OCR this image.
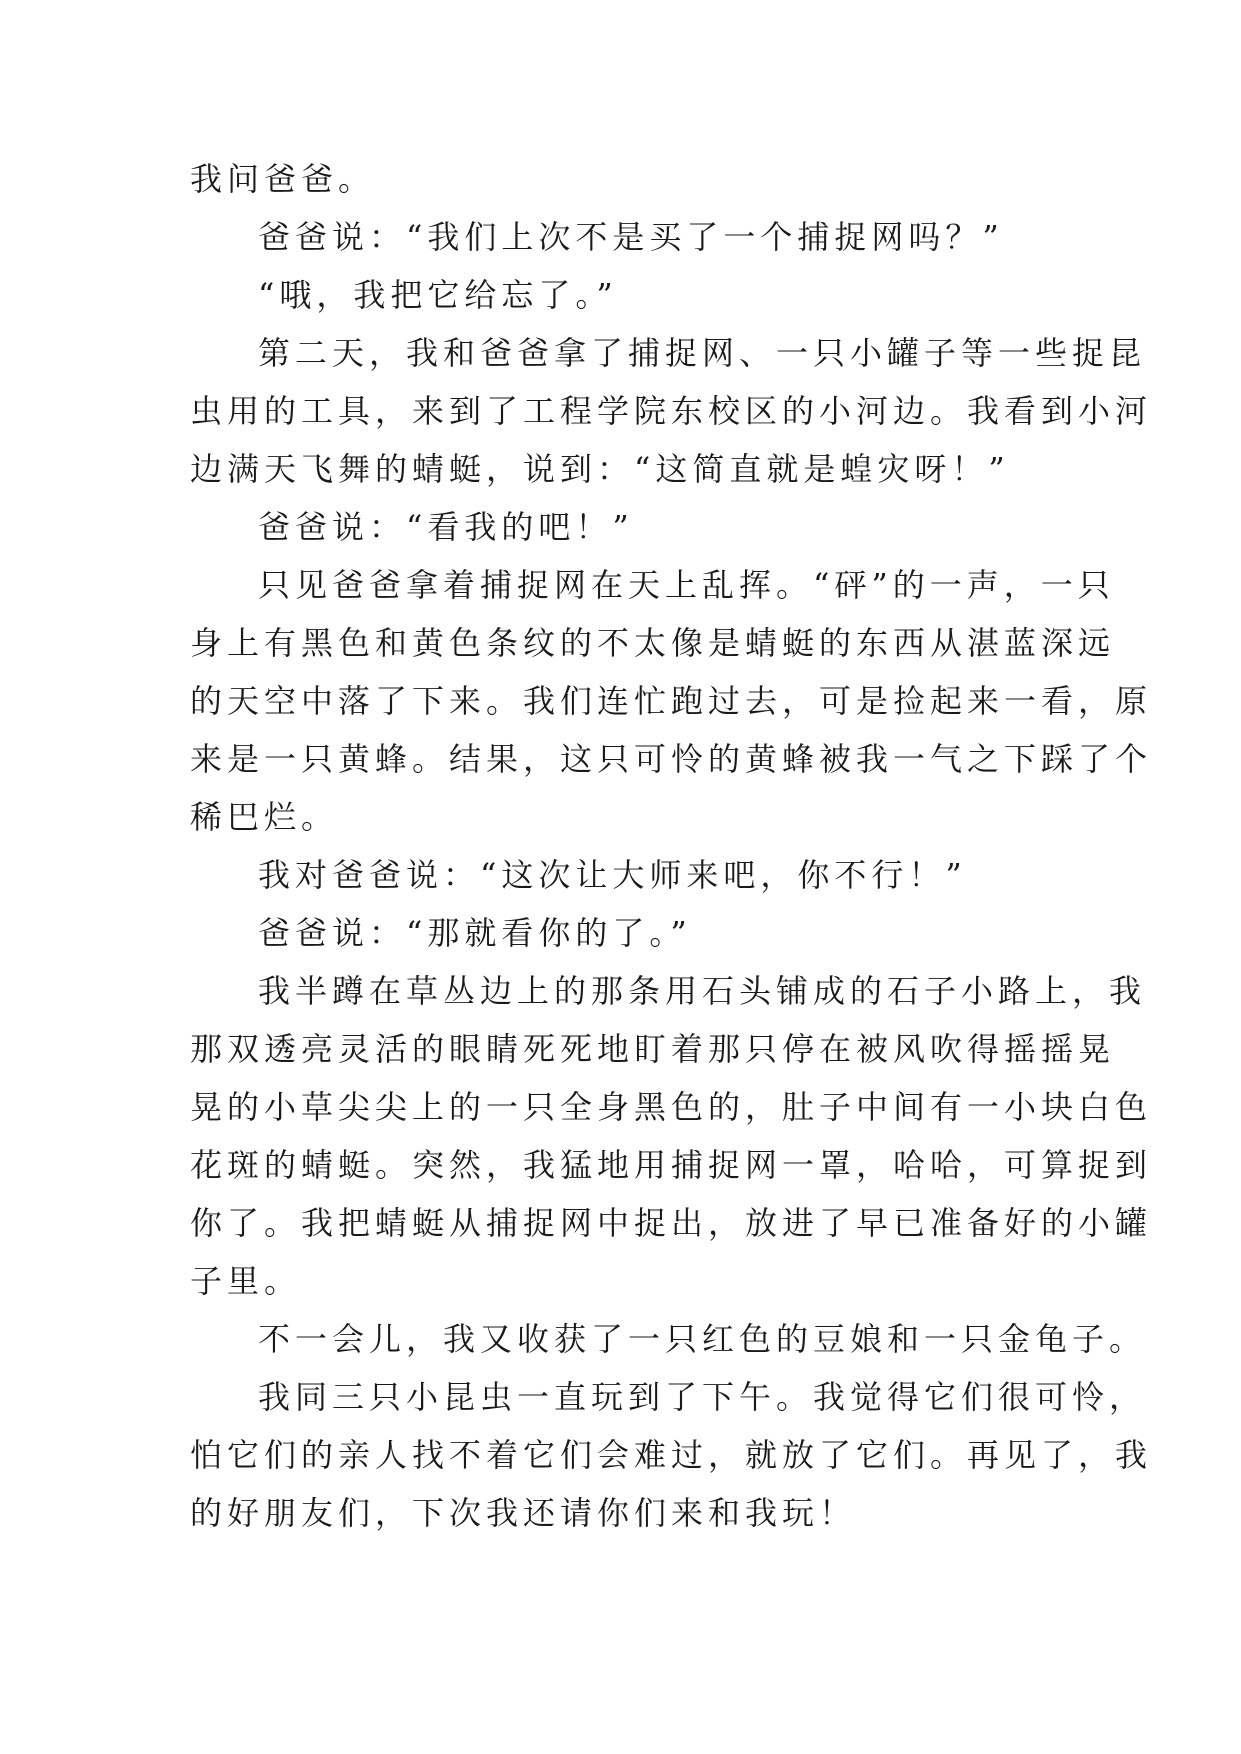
我问爸爸。

爸爸说：“我们上次不是买了一个捕捉网吗？”

“哦，我把它给忘了。”

第二天，我和爸爸拿了捕捉网、一只小罐子等一些捉昆

虫用的工具，来到了工程学院东校区的小河边。我看到小河

边满天飞舞的蜻蜓，说到：“这简直就是蝗灾呀！”

爸爸说：“看我的吧！”

只见爸爸拿着捕捉网在天上乱挥。“砰”的一声，一只

身上有黑色和黄色条纹的不太像是蜻蜓的东西从湛蓝深远

的天空中落了下来。我们连忙跑过去，可是捡起来一看，原

来是一只黄蜂。结果，这只可怜的黄蜂被我一气之下踩了个

稀巴烂。

我对爸爸说：“这次让大师来吧，你不行！”

爸爸说：“那就看你的了。”

我半蹲在草丛边上的那条用石头铺成的石子小路上，我

那双透亮灵活的眼睛死死地盯着那只停在被风吹得摇摇晃

晃的小草尖尖上的一只全身黑色的，肚子中间有一小块白色

花斑的蜻蜓。突然，我猛地用捕捉网一罩，哈哈，可算捉到

你了。我把蜻蜓从捕捉网中捉出，放进了早已准备好的小罐

子里。

不一会儿，我又收获了一只红色的豆娘和一只金龟子。

我同三只小昆虫一直玩到了下午。我觉得它们很可怜，

怕它们的亲人找不着它们会难过，就放了它们。再见了，我

的好朋友们，下次我还请你们来和我玩！
